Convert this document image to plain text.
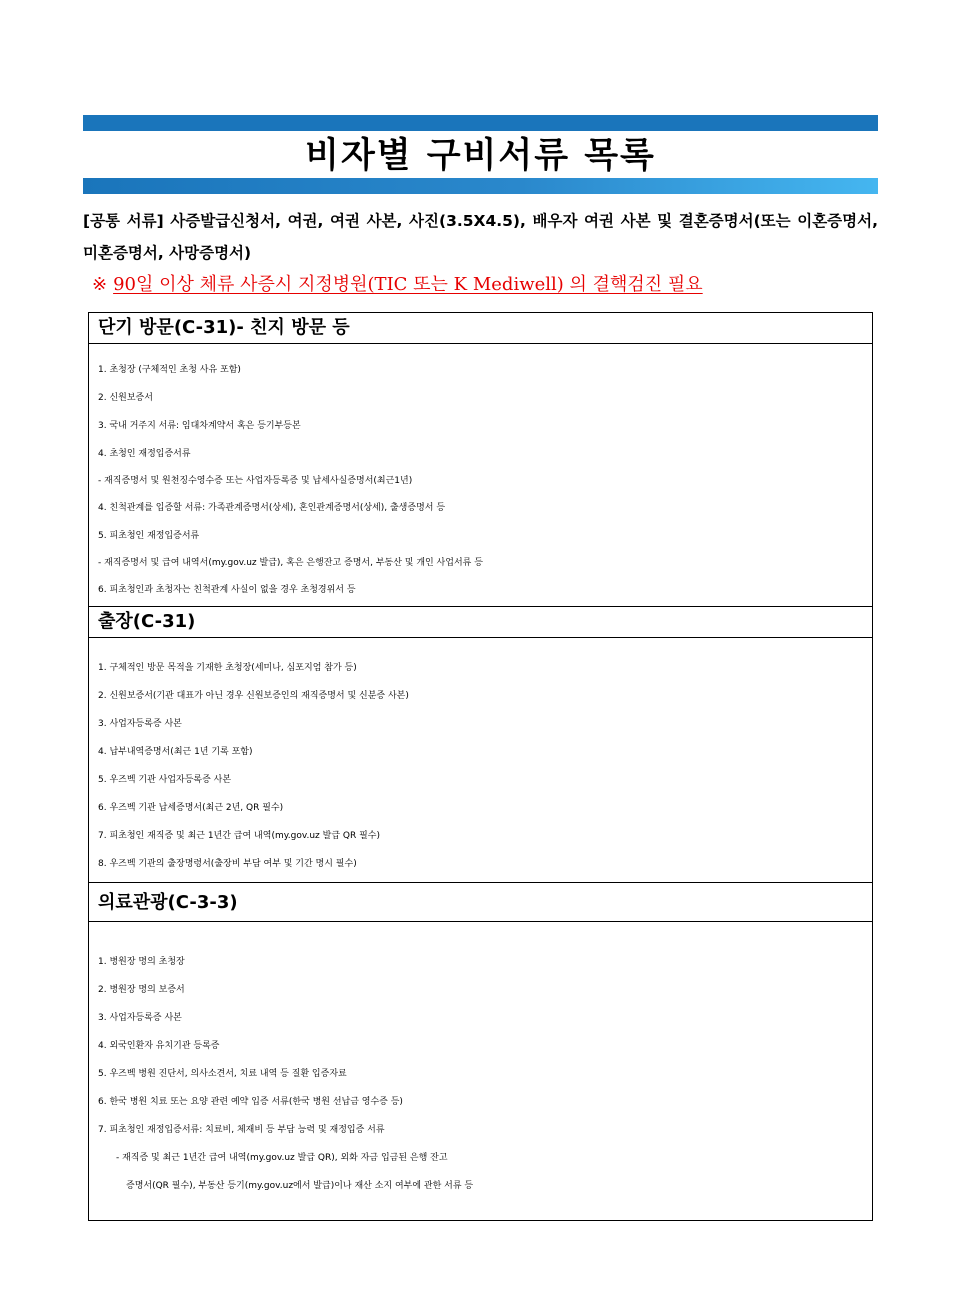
비자별 구비서류 목록

[공통 서류] 사증발급신청서, 여권, 여권 사본, 사진(3.5X4.5), 배우자 여권 사본 및 결혼증명서(또는 이혼증명서, 미혼증명서, 사망증명서)

※ 90일 이상 체류 사증시 지정병원(TIC 또는 K Mediwell) 의 결핵검진 필요

단기 방문(C-31)- 친지 방문 등
1. 초청장 (구체적인 초청 사유 포함)
2. 신원보증서
3. 국내 거주지 서류: 임대차계약서 혹은 등기부등본
4. 초청인 재정입증서류
- 재직증명서 및 원천징수영수증 또는 사업자등록증 및 납세사실증명서(최근1년)
4. 친척관계를 입증할 서류: 가족관계증명서(상세), 혼인관계증명서(상세), 출생증명서 등
5. 피초청인 재정입증서류
- 재직증명서 및 급여 내역서(my.gov.uz 발급), 혹은 은행잔고 증명서, 부동산 및 개인 사업서류 등
6. 피초청인과 초청자는 친척관계 사실이 없을 경우 초청경위서 등
출장(C-31)
1. 구체적인 방문 목적을 기재한 초청장(세미나, 심포지엄 참가 등)
2. 신원보증서(기관 대표가 아닌 경우 신원보증인의 재직증명서 및 신분증 사본)
3. 사업자등록증 사본
4. 납부내역증명서(최근 1년 기록 포함)
5. 우즈벡 기관 사업자등록증 사본
6. 우즈벡 기관 납세증명서(최근 2년, QR 필수)
7. 피초청인 재직증 및 최근 1년간 급여 내역(my.gov.uz 발급 QR 필수)
8. 우즈벡 기관의 출장명령서(출장비 부담 여부 및 기간 명시 필수)
의료관광(C-3-3)
1. 병원장 명의 초청장
2. 병원장 명의 보증서
3. 사업자등록증 사본
4. 외국인환자 유치기관 등록증
5. 우즈벡 병원 진단서, 의사소견서, 치료 내역 등 질환 입증자료
6. 한국 병원 치료 또는 요양 관련 예약 입증 서류(한국 병원 선납금 영수증 등)
7. 피초청인 재정입증서류: 치료비, 체재비 등 부담 능력 및 재정입증 서류
- 재직증 및 최근 1년간 급여 내역(my.gov.uz 발급 QR), 외화 자금 입금된 은행 잔고
증명서(QR 필수), 부동산 등기(my.gov.uz에서 발급)이나 재산 소지 여부에 관한 서류 등
